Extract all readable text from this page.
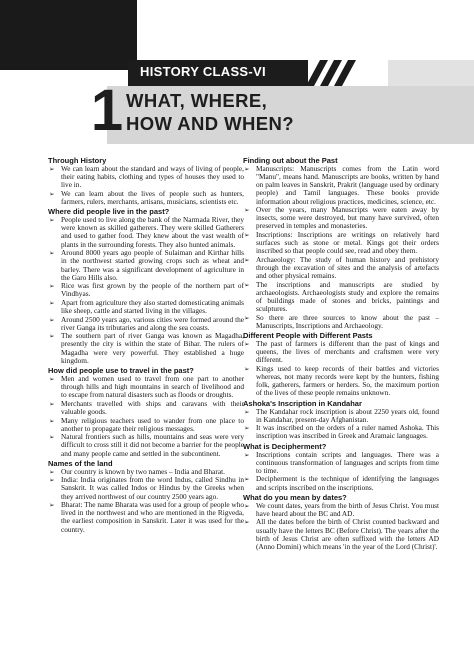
HISTORY CLASS-VI
1 WHAT, WHERE,
HOW AND WHEN?
Through History
➢ We can learn about the standard and ways of living of people, their eating habits, clothing and types of houses they used to live in.
➢ We can learn about the lives of people such as hunters, farmers, rulers, merchants, artisans, musicians, scientists etc.
Where did people live in the past?
➢ People used to live along the bank of the Narmada River, they were known as skilled gatherers. They were skilled Gatherers and used to gather food. They knew about the vast wealth of plants in the surrounding forests. They also hunted animals.
➢ Around 8000 years ago people of Sulaiman and Kirthar hills in the northwest started growing crops such as wheat and barley. There was a significant development of agriculture in the Garo Hills also.
➢ Rice was first grown by the people of the northern part of Vindhyas.
➢ Apart from agriculture they also started domesticating animals like sheep, cattle and started living in the villages.
➢ Around 2500 years ago, various cities were formed around the river Ganga its tributaries and along the sea coasts.
➢ The southern part of river Ganga was known as Magadha, presently the city is within the state of Bihar. The rulers of Magadha were very powerful. They established a huge kingdom.
How did people use to travel in the past?
➢ Men and women used to travel from one part to another through hills and high mountains in search of livelihood and to escape from natural disasters such as floods or droughts.
➢ Merchants travelled with ships and caravans with their valuable goods.
➢ Many religious teachers used to wander from one place to another to propagate their religious messages.
➢ Natural frontiers such as hills, mountains and seas were very difficult to cross still it did not become a barrier for the people and many people came and settled in the subcontinent.
Names of the land
➢ Our country is known by two names – India and Bharat.
➢ India: India originates from the word Indus, called Sindhu in Sanskrit. It was called Indos or Hindus by the Greeks when they arrived northwest of our country 2500 years ago.
➢ Bharat: The name Bharata was used for a group of people who lived in the northwest and who are mentioned in the Rigveda, the earliest composition in Sanskrit. Later it was used for the country.
Finding out about the Past
➢ Manuscripts: Manuscripts comes from the Latin word "Manu", means hand. Manuscripts are books, written by hand on palm leaves in Sanskrit, Prakrit (language used by ordinary people) and Tamil languages. These books provide information about religious practices, medicines, science, etc.
➢ Over the years, many Manuscripts were eaten away by insects, some were destroyed, but many have survived, often preserved in temples and monasteries.
➢ Inscriptions: Inscriptions are writings on relatively hard surfaces such as stone or metal. Kings got their orders inscribed so that people could see, read and obey them.
➢ Archaeology: The study of human history and prehistory through the excavation of sites and the analysis of artefacts and other physical remains.
➢ The inscriptions and manuscripts are studied by archaeologists. Archaeologists study and explore the remains of buildings made of stones and bricks, paintings and sculptures.
➢ So there are three sources to know about the past – Manuscripts, Inscriptions and Archaeology.
Different People with Different Pasts
➢ The past of farmers is different than the past of kings and queens, the lives of merchants and craftsmen were very different.
➢ Kings used to keep records of their battles and victories whereas, not many records were kept by the hunters, fishing folk, gatherers, farmers or herders. So, the maximum portion of the lives of these people remains unknown.
Ashoka's Inscription in Kandahar
➢ The Kandahar rock inscription is about 2250 years old, found in Kandahar, present-day Afghanistan.
➢ It was inscribed on the orders of a ruler named Ashoka. This inscription was inscribed in Greek and Aramaic languages.
What is Decipherment?
➢ Inscriptions contain scripts and languages. There was a continuous transformation of languages and scripts from time to time.
➢ Decipherment is the technique of identifying the languages and scripts inscribed on the inscriptions.
What do you mean by dates?
➢ We count dates, years from the birth of Jesus Christ. You must have heard about the BC and AD.
➢ All the dates before the birth of Christ counted backward and usually have the letters BC (Before Christ). The years after the birth of Jesus Christ are often suffixed with the letters AD (Anno Domini) which means 'in the year of the Lord (Christ)'.
